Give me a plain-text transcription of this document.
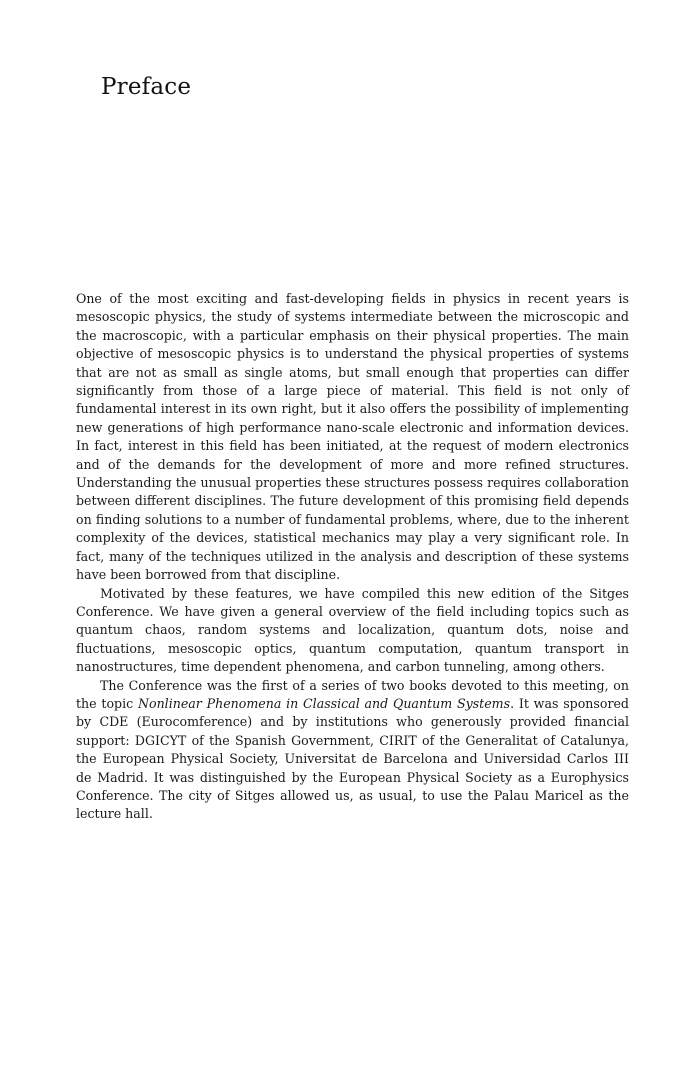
Preface

One of the most exciting and fast-developing fields in physics in recent years is mesoscopic physics, the study of systems intermediate between the microscopic and the macroscopic, with a particular emphasis on their physical properties. The main objective of mesoscopic physics is to understand the physical properties of systems that are not as small as single atoms, but small enough that properties can differ significantly from those of a large piece of material. This field is not only of fundamental interest in its own right, but it also offers the possibility of implementing new generations of high performance nano-scale electronic and information devices. In fact, interest in this field has been initiated, at the request of modern electronics and of the demands for the development of more and more refined structures. Understanding the unusual properties these structures possess requires collaboration between different disciplines. The future development of this promising field depends on finding solutions to a number of fundamental problems, where, due to the inherent complexity of the devices, statistical mechanics may play a very significant role. In fact, many of the techniques utilized in the analysis and description of these systems have been borrowed from that discipline.

Motivated by these features, we have compiled this new edition of the Sitges Conference. We have given a general overview of the field including topics such as quantum chaos, random systems and localization, quantum dots, noise and fluctuations, mesoscopic optics, quantum computation, quantum transport in nanostructures, time dependent phenomena, and carbon tunneling, among others.

The Conference was the first of a series of two books devoted to this meeting, on the topic Nonlinear Phenomena in Classical and Quantum Systems. It was sponsored by CDE (Eurocomference) and by institutions who generously provided financial support: DGICYT of the Spanish Government, CIRIT of the Generalitat of Catalunya, the European Physical Society, Universitat de Barcelona and Universidad Carlos III de Madrid. It was distinguished by the European Physical Society as a Europhysics Conference. The city of Sitges allowed us, as usual, to use the Palau Maricel as the lecture hall.
